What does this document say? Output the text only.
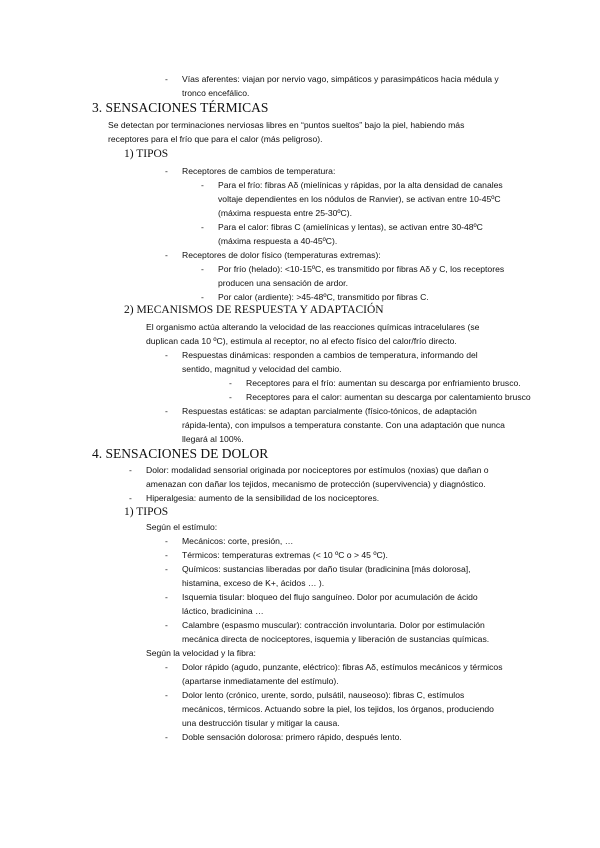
- Vías aferentes: viajan por nervio vago, simpáticos y parasimpáticos hacia médula y
tronco encefálico.
3. SENSACIONES TÉRMICAS
Se detectan por terminaciones nerviosas libres en “puntos sueltos” bajo la piel, habiendo más
receptores para el frío que para el calor (más peligroso).
1) TIPOS
- Receptores de cambios de temperatura:
- Para el frío: fibras Aδ (mielínicas y rápidas, por la alta densidad de canales
voltaje dependientes en los nódulos de Ranvier), se activan entre 10-45ºC
(máxima respuesta entre 25-30ºC).
- Para el calor: fibras C (amielínicas y lentas), se activan entre 30-48ºC
(máxima respuesta a 40-45ºC).
- Receptores de dolor físico (temperaturas extremas):
- Por frío (helado): <10-15ºC, es transmitido por fibras Aδ y C, los receptores
producen una sensación de ardor.
- Por calor (ardiente): >45-48ºC, transmitido por fibras C.
2) MECANISMOS DE RESPUESTA Y ADAPTACIÓN
El organismo actúa alterando la velocidad de las reacciones químicas intracelulares (se
duplican cada 10 ºC), estimula al receptor, no al efecto físico del calor/frío directo.
- Respuestas dinámicas: responden a cambios de temperatura, informando del
sentido, magnitud y velocidad del cambio.
- Receptores para el frío: aumentan su descarga por enfriamiento brusco.
- Receptores para el calor: aumentan su descarga por calentamiento brusco
- Respuestas estáticas: se adaptan parcialmente (físico-tónicos, de adaptación
rápida-lenta), con impulsos a temperatura constante. Con una adaptación que nunca
llegará al 100%.
4. SENSACIONES DE DOLOR
- Dolor: modalidad sensorial originada por nociceptores por estímulos (noxias) que dañan o
amenazan con dañar los tejidos, mecanismo de protección (supervivencia) y diagnóstico.
- Hiperalgesia: aumento de la sensibilidad de los nociceptores.
1) TIPOS
Según el estímulo:
- Mecánicos: corte, presión, …
- Térmicos: temperaturas extremas (< 10 ºC o > 45 ºC).
- Químicos: sustancias liberadas por daño tisular (bradicinina [más dolorosa],
histamina, exceso de K+, ácidos … ).
- Isquemia tisular: bloqueo del flujo sanguíneo. Dolor por acumulación de ácido
láctico, bradicinina …
- Calambre (espasmo muscular): contracción involuntaria. Dolor por estimulación
mecánica directa de nociceptores, isquemia y liberación de sustancias químicas.
Según la velocidad y la fibra:
- Dolor rápido (agudo, punzante, eléctrico): fibras Aδ, estímulos mecánicos y térmicos
(apartarse inmediatamente del estímulo).
- Dolor lento (crónico, urente, sordo, pulsátil, nauseoso): fibras C, estímulos
mecánicos, térmicos. Actuando sobre la piel, los tejidos, los órganos, produciendo
una destrucción tisular y mitigar la causa.
- Doble sensación dolorosa: primero rápido, después lento.
